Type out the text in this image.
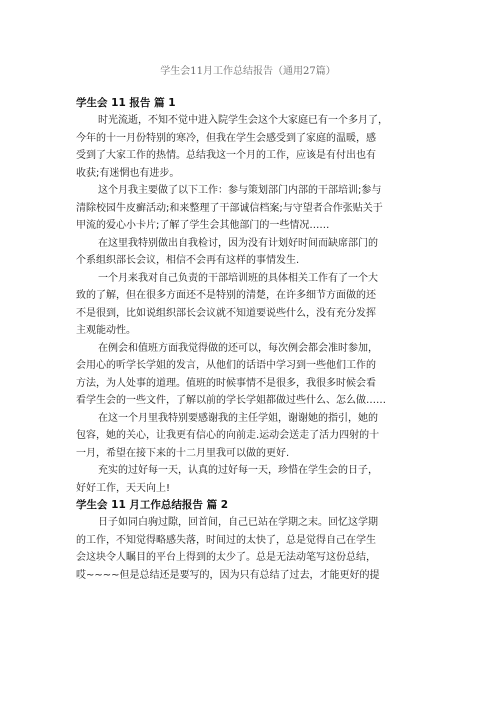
学生会11月工作总结报告（通用27篇）
学生会 11 报告 篇 1
时光流逝，不知不觉中进入院学生会这个大家庭已有一个多月了，
今年的十一月份特别的寒冷，但我在学生会感受到了家庭的温暖，感
受到了大家工作的热情。总结我这一个月的工作，应该是有付出也有
收获;有迷惘也有进步。
这个月我主要做了以下工作：参与策划部门内部的干部培训;参与
清除校园牛皮癣活动;和来整理了干部诚信档案;与守望者合作张贴关于
甲流的爱心小卡片;了解了学生会其他部门的一些情况……
在这里我特别做出自我检讨，因为没有计划好时间而缺席部门的
个系组织部长会议，相信不会再有这样的事情发生.
一个月来我对自己负责的干部培训班的具体相关工作有了一个大
致的了解，但在很多方面还不是特别的清楚，在许多细节方面做的还
不是很到，比如说组织部长会议就不知道要说些什么，没有充分发挥
主观能动性。
在例会和值班方面我觉得做的还可以，每次例会都会准时参加，
会用心的听学长学姐的发言，从他们的话语中学习到一些他们工作的
方法，为人处事的道理。值班的时候事情不是很多，我很多时候会看
看学生会的一些文件，了解以前的学长学姐都做过些什么、怎么做……
在这一个月里我特别要感谢我的主任学姐，谢谢她的指引，她的
包容，她的关心，让我更有信心的向前走.运动会送走了活力四射的十
一月，希望在接下来的十二月里我可以做的更好.
充实的过好每一天，认真的过好每一天，珍惜在学生会的日子，
好好工作，天天向上!
学生会 11 月工作总结报告 篇 2
日子如同白驹过隙，回首间，自己已站在学期之末。回忆这学期
的工作，不知觉得略感失落，时间过的太快了，总是觉得自己在学生
会这块令人瞩目的平台上得到的太少了。总是无法动笔写这份总结，
哎~~~~但是总结还是要写的，因为只有总结了过去，才能更好的提
